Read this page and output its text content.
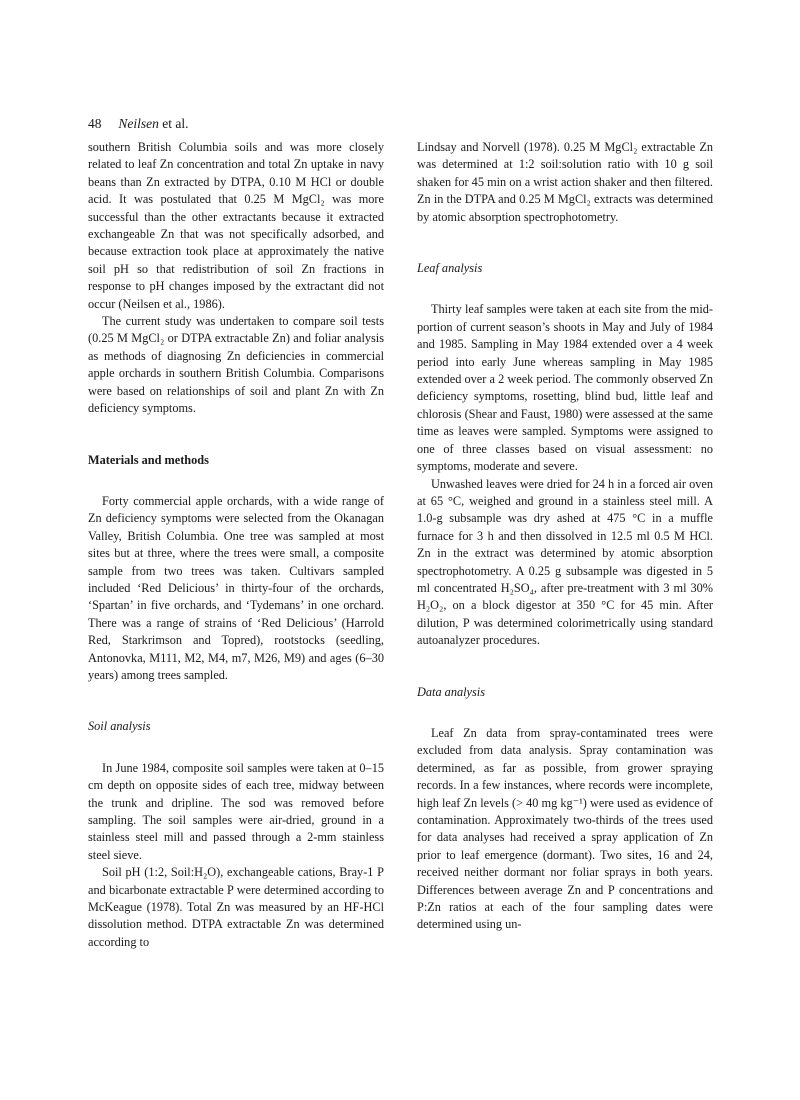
48 Neilsen et al.

southern British Columbia soils and was more closely related to leaf Zn concentration and total Zn uptake in navy beans than Zn extracted by DTPA, 0.10 M HCl or double acid. It was postulated that 0.25 M MgCl₂ was more successful than the other extractants because it extracted exchangeable Zn that was not specifically adsorbed, and because extraction took place at approximately the native soil pH so that redistribution of soil Zn fractions in response to pH changes imposed by the extractant did not occur (Neilsen et al., 1986).

The current study was undertaken to compare soil tests (0.25 M MgCl₂ or DTPA extractable Zn) and foliar analysis as methods of diagnosing Zn deficiencies in commercial apple orchards in southern British Columbia. Comparisons were based on relationships of soil and plant Zn with Zn deficiency symptoms.

Materials and methods

Forty commercial apple orchards, with a wide range of Zn deficiency symptoms were selected from the Okanagan Valley, British Columbia. One tree was sampled at most sites but at three, where the trees were small, a composite sample from two trees was taken. Cultivars sampled included ‘Red Delicious’ in thirty-four of the orchards, ‘Spartan’ in five orchards, and ‘Tydemans’ in one orchard. There was a range of strains of ‘Red Delicious’ (Harrold Red, Starkrimson and Topred), rootstocks (seedling, Antonovka, M111, M2, M4, m7, M26, M9) and ages (6–30 years) among trees sampled.

Soil analysis

In June 1984, composite soil samples were taken at 0–15 cm depth on opposite sides of each tree, midway between the trunk and dripline. The sod was removed before sampling. The soil samples were air-dried, ground in a stainless steel mill and passed through a 2-mm stainless steel sieve.

Soil pH (1:2, Soil:H₂O), exchangeable cations, Bray-1 P and bicarbonate extractable P were determined according to McKeague (1978). Total Zn was measured by an HF-HCl dissolution method. DTPA extractable Zn was determined according to

Lindsay and Norvell (1978). 0.25 M MgCl₂ extractable Zn was determined at 1:2 soil:solution ratio with 10 g soil shaken for 45 min on a wrist action shaker and then filtered. Zn in the DTPA and 0.25 M MgCl₂ extracts was determined by atomic absorption spectrophotometry.

Leaf analysis

Thirty leaf samples were taken at each site from the mid-portion of current season’s shoots in May and July of 1984 and 1985. Sampling in May 1984 extended over a 4 week period into early June whereas sampling in May 1985 extended over a 2 week period. The commonly observed Zn deficiency symptoms, rosetting, blind bud, little leaf and chlorosis (Shear and Faust, 1980) were assessed at the same time as leaves were sampled. Symptoms were assigned to one of three classes based on visual assessment: no symptoms, moderate and severe.

Unwashed leaves were dried for 24 h in a forced air oven at 65 °C, weighed and ground in a stainless steel mill. A 1.0-g subsample was dry ashed at 475 °C in a muffle furnace for 3 h and then dissolved in 12.5 ml 0.5 M HCl. Zn in the extract was determined by atomic absorption spectrophotometry. A 0.25 g subsample was digested in 5 ml concentrated H₂SO₄, after pre-treatment with 3 ml 30% H₂O₂, on a block digestor at 350 °C for 45 min. After dilution, P was determined colorimetrically using standard autoanalyzer procedures.

Data analysis

Leaf Zn data from spray-contaminated trees were excluded from data analysis. Spray contamination was determined, as far as possible, from grower spraying records. In a few instances, where records were incomplete, high leaf Zn levels (> 40 mg kg⁻¹) were used as evidence of contamination. Approximately two-thirds of the trees used for data analyses had received a spray application of Zn prior to leaf emergence (dormant). Two sites, 16 and 24, received neither dormant nor foliar sprays in both years. Differences between average Zn and P concentrations and P:Zn ratios at each of the four sampling dates were determined using un-
